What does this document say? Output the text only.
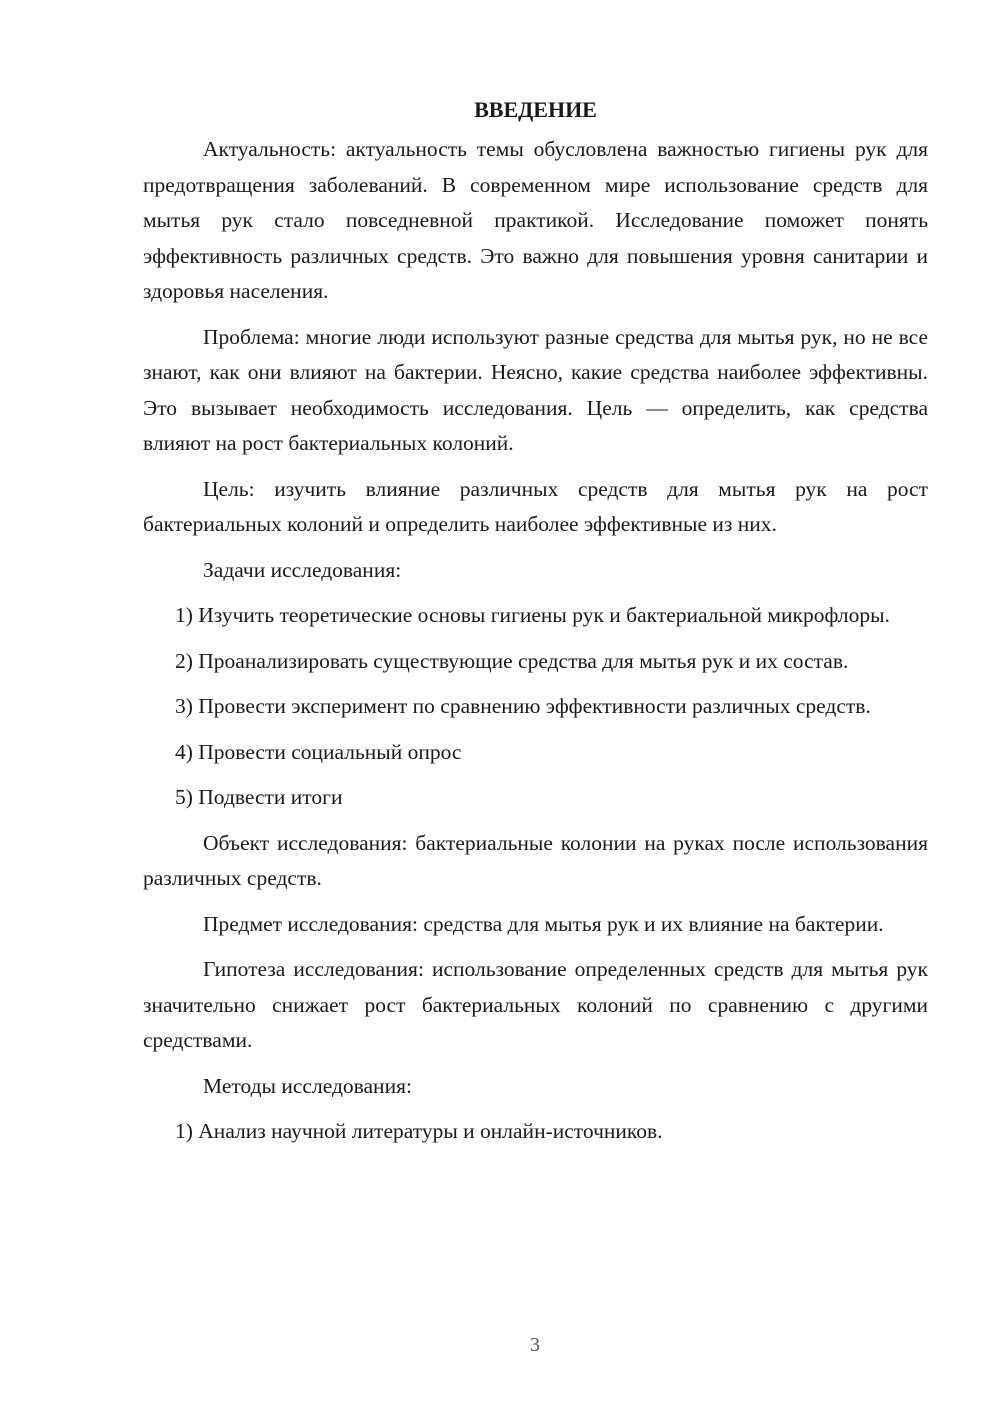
ВВЕДЕНИЕ

Актуальность: актуальность темы обусловлена важностью гигиены рук для предотвращения заболеваний. В современном мире использование средств для мытья рук стало повседневной практикой. Исследование поможет понять эффективность различных средств. Это важно для повышения уровня санитарии и здоровья населения.

Проблема: многие люди используют разные средства для мытья рук, но не все знают, как они влияют на бактерии. Неясно, какие средства наиболее эффективны. Это вызывает необходимость исследования. Цель — определить, как средства влияют на рост бактериальных колоний.

Цель: изучить влияние различных средств для мытья рук на рост бактериальных колоний и определить наиболее эффективные из них.

Задачи исследования:

1) Изучить теоретические основы гигиены рук и бактериальной микрофлоры.

2) Проанализировать существующие средства для мытья рук и их состав.

3) Провести эксперимент по сравнению эффективности различных средств.

4) Провести социальный опрос

5) Подвести итоги

Объект исследования: бактериальные колонии на руках после использования различных средств.

Предмет исследования: средства для мытья рук и их влияние на бактерии.

Гипотеза исследования: использование определенных средств для мытья рук значительно снижает рост бактериальных колоний по сравнению с другими средствами.

Методы исследования:

1) Анализ научной литературы и онлайн-источников.

3
